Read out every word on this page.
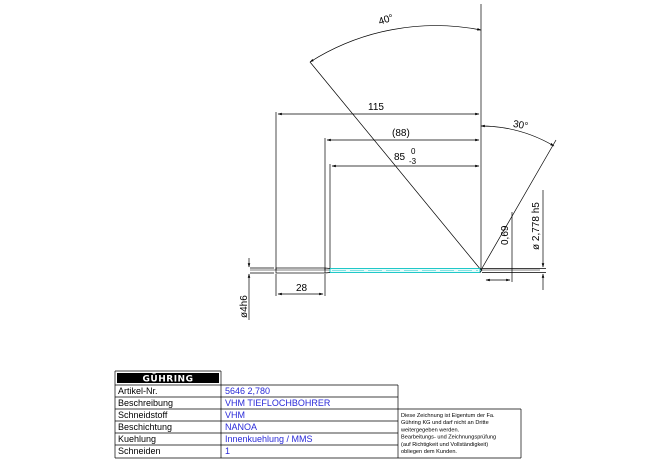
40°
30°
115
(88)
85
0
-3
28
ø4h6
0,69 ø 2,778 h5
GÜHRING
Artikel-Nr.	5646 2,780
Beschreibung	VHM TIEFLOCHBOHRER
Schneidstoff	VHM
Beschichtung	NANOA
Kuehlung	Innenkuehlung / MMS
Schneiden	1
Diese Zeichnung ist Eigentum der Fa.
Gühring KG und darf nicht an Dritte
weitergegeben werden.
Bearbeitungs- und Zeichnungsprüfung
(auf Richtigkeit und Vollständigkeit)
obliegen dem Kunden.
